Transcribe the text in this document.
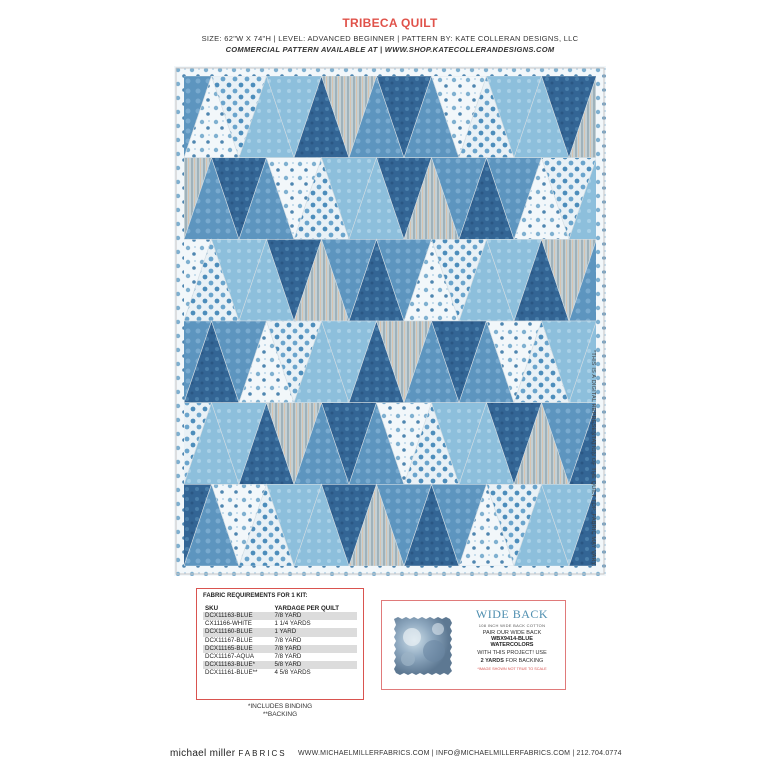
TRIBECA QUILT
SIZE: 62"W X 74"H | LEVEL: ADVANCED BEGINNER | PATTERN BY: KATE COLLERAN DESIGNS, LLC
COMMERCIAL PATTERN AVAILABLE AT | WWW.SHOP.KATECOLLERANDESIGNS.COM
*THIS IS A DIGITAL REPRESENTATION OF THE QUILT TOP, FABRIC MAY VARY.
FABRIC REQUIREMENTS FOR 1 KIT:
SKU	YARDAGE PER QUILT
DCX11163-BLUE	7/8 YARD
CX11166-WHITE	1 1/4 YARDS
DCX11160-BLUE	1 YARD
DCX11167-BLUE	7/8 YARD
DCX11165-BLUE	7/8 YARD
DCX11167-AQUA	7/8 YARD
DCX11163-BLUE*	5/8 YARD
DCX11161-BLUE**	4 5/8 YARDS
*INCLUDES BINDING
**BACKING
WIDE BACK
108 INCH WIDE BACK COTTON
PAIR OUR WIDE BACK
WBX9414-BLUE
WATERCOLORS
WITH THIS PROJECT! USE
2 YARDS FOR BACKING
*IMAGE SHOWN NOT TRUE TO SCALE
michael miller FABRICS WWW.MICHAELMILLERFABRICS.COM | INFO@MICHAELMILLERFABRICS.COM | 212.704.0774
